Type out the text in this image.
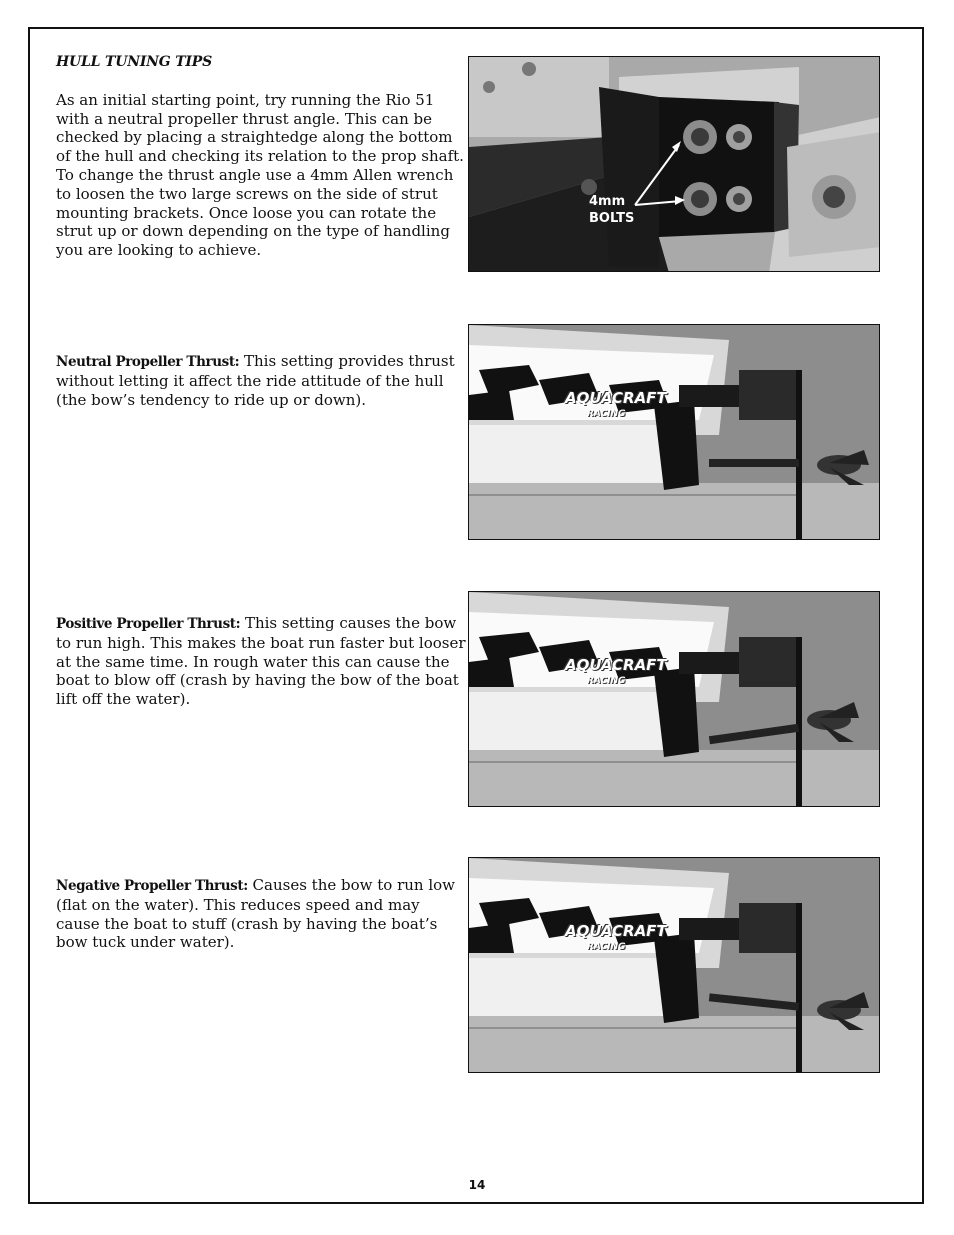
HULL TUNING TIPS
As an initial starting point, try running the Rio 51 with a neutral propeller thrust angle. This can be checked by placing a straightedge along the bottom of the hull and checking its relation to the prop shaft. To change the thrust angle use a 4mm Allen wrench to loosen the two large screws on the side of strut mounting brackets. Once loose you can rotate the strut up or down depending on the type of handling you are looking to achieve.
4mm
BOLTS
Neutral Propeller Thrust: This setting provides thrust without letting it affect the ride attitude of the hull (the bow’s tendency to ride up or down).	AQUACRAFT
RACING
Positive Propeller Thrust: This setting causes the bow to run high. This makes the boat run faster but looser at the same time. In rough water this can cause the boat to blow off (crash by having the bow of the boat lift off the water).
AQUACRAFT
RACING
Negative Propeller Thrust: Causes the bow to run low (flat on the water). This reduces speed and may cause the boat to stuff (crash by having the boat’s bow tuck under water).
AQUACRAFT
RACING
14
